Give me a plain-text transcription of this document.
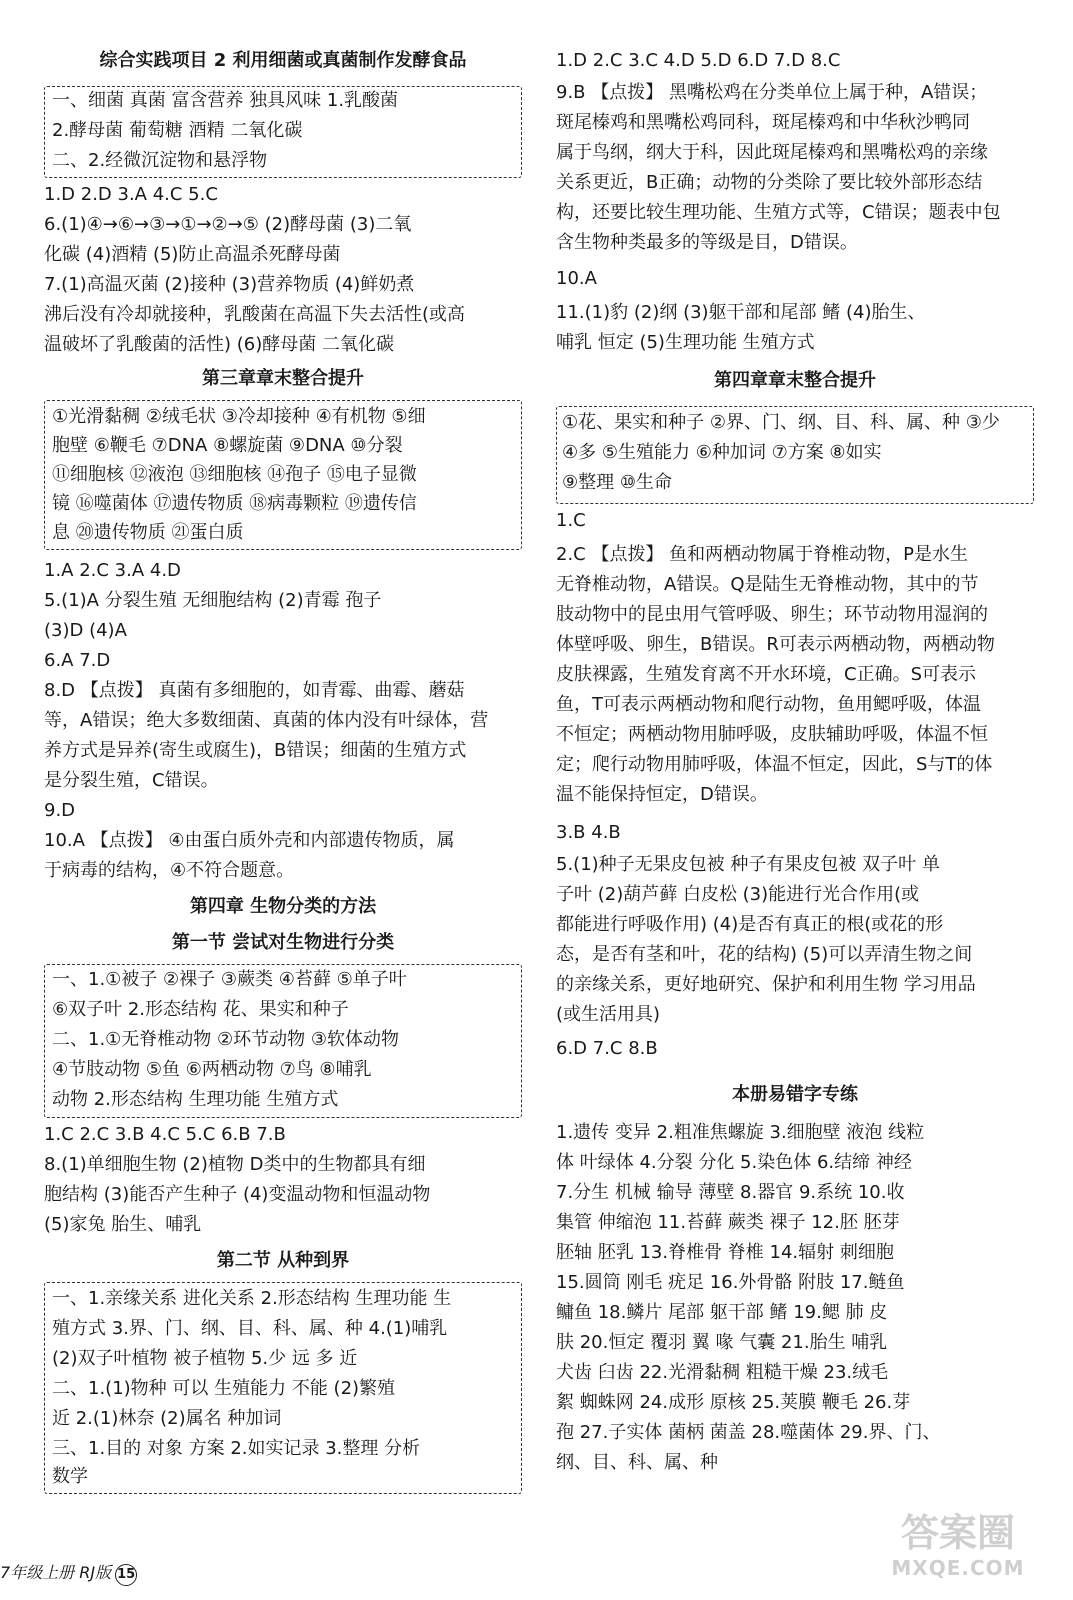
综合实践项目 2 利用细菌或真菌制作发酵食品
一、细菌 真菌 富含营养 独具风味 1.乳酸菌
2.酵母菌 葡萄糖 酒精 二氧化碳
二、2.经微沉淀物和悬浮物
1.D 2.D 3.A 4.C 5.C
6.(1)④→⑥→③→①→②→⑤ (2)酵母菌 (3)二氧
化碳 (4)酒精 (5)防止高温杀死酵母菌
7.(1)高温灭菌 (2)接种 (3)营养物质 (4)鲜奶煮
沸后没有冷却就接种，乳酸菌在高温下失去活性(或高
温破坏了乳酸菌的活性) (6)酵母菌 二氧化碳
第三章章末整合提升
①光滑黏稠 ②绒毛状 ③冷却接种 ④有机物 ⑤细
胞壁 ⑥鞭毛 ⑦DNA ⑧螺旋菌 ⑨DNA ⑩分裂
⑪细胞核 ⑫液泡 ⑬细胞核 ⑭孢子 ⑮电子显微
镜 ⑯噬菌体 ⑰遗传物质 ⑱病毒颗粒 ⑲遗传信
息 ⑳遗传物质 ㉑蛋白质
1.A 2.C 3.A 4.D
5.(1)A 分裂生殖 无细胞结构 (2)青霉 孢子
(3)D (4)A
6.A 7.D
8.D 【点拨】 真菌有多细胞的，如青霉、曲霉、蘑菇
等，A错误；绝大多数细菌、真菌的体内没有叶绿体，营
养方式是异养(寄生或腐生)，B错误；细菌的生殖方式
是分裂生殖，C错误。
9.D
10.A 【点拨】 ④由蛋白质外壳和内部遗传物质，属
于病毒的结构，④不符合题意。
第四章 生物分类的方法
第一节 尝试对生物进行分类
一、1.①被子 ②裸子 ③蕨类 ④苔藓 ⑤单子叶
⑥双子叶 2.形态结构 花、果实和种子
二、1.①无脊椎动物 ②环节动物 ③软体动物
④节肢动物 ⑤鱼 ⑥两栖动物 ⑦鸟 ⑧哺乳
动物 2.形态结构 生理功能 生殖方式
1.C 2.C 3.B 4.C 5.C 6.B 7.B
8.(1)单细胞生物 (2)植物 D类中的生物都具有细
胞结构 (3)能否产生种子 (4)变温动物和恒温动物
(5)家兔 胎生、哺乳
第二节 从种到界
一、1.亲缘关系 进化关系 2.形态结构 生理功能 生
殖方式 3.界、门、纲、目、科、属、种 4.(1)哺乳
(2)双子叶植物 被子植物 5.少 远 多 近
二、1.(1)物种 可以 生殖能力 不能 (2)繁殖
近 2.(1)林奈 (2)属名 种加词
三、1.目的 对象 方案 2.如实记录 3.整理 分析
数学
1.D 2.C 3.C 4.D 5.D 6.D 7.D 8.C
9.B 【点拨】 黑嘴松鸡在分类单位上属于种，A错误；
斑尾榛鸡和黑嘴松鸡同科，斑尾榛鸡和中华秋沙鸭同
属于鸟纲，纲大于科，因此斑尾榛鸡和黑嘴松鸡的亲缘
关系更近，B正确；动物的分类除了要比较外部形态结
构，还要比较生理功能、生殖方式等，C错误；题表中包
含生物种类最多的等级是目，D错误。
10.A
11.(1)豹 (2)纲 (3)躯干部和尾部 鳍 (4)胎生、
哺乳 恒定 (5)生理功能 生殖方式
第四章章末整合提升
①花、果实和种子 ②界、门、纲、目、科、属、种 ③少
④多 ⑤生殖能力 ⑥种加词 ⑦方案 ⑧如实
⑨整理 ⑩生命
1.C
2.C 【点拨】 鱼和两栖动物属于脊椎动物，P是水生
无脊椎动物，A错误。Q是陆生无脊椎动物，其中的节
肢动物中的昆虫用气管呼吸、卵生；环节动物用湿润的
体壁呼吸、卵生，B错误。R可表示两栖动物，两栖动物
皮肤裸露，生殖发育离不开水环境，C正确。S可表示
鱼，T可表示两栖动物和爬行动物，鱼用鳃呼吸，体温
不恒定；两栖动物用肺呼吸，皮肤辅助呼吸，体温不恒
定；爬行动物用肺呼吸，体温不恒定，因此，S与T的体
温不能保持恒定，D错误。
3.B 4.B
5.(1)种子无果皮包被 种子有果皮包被 双子叶 单
子叶 (2)葫芦藓 白皮松 (3)能进行光合作用(或
都能进行呼吸作用) (4)是否有真正的根(或花的形
态，是否有茎和叶，花的结构) (5)可以弄清生物之间
的亲缘关系，更好地研究、保护和利用生物 学习用品
(或生活用具)
6.D 7.C 8.B
本册易错字专练
1.遗传 变异 2.粗准焦螺旋 3.细胞壁 液泡 线粒
体 叶绿体 4.分裂 分化 5.染色体 6.结缔 神经
7.分生 机械 输导 薄壁 8.器官 9.系统 10.收
集管 伸缩泡 11.苔藓 蕨类 裸子 12.胚 胚芽
胚轴 胚乳 13.脊椎骨 脊椎 14.辐射 刺细胞
15.圆筒 刚毛 疣足 16.外骨骼 附肢 17.鲢鱼
鳙鱼 18.鳞片 尾部 躯干部 鳍 19.鳃 肺 皮
肤 20.恒定 覆羽 翼 喙 气囊 21.胎生 哺乳
犬齿 臼齿 22.光滑黏稠 粗糙干燥 23.绒毛
絮 蜘蛛网 24.成形 原核 25.荚膜 鞭毛 26.芽
孢 27.子实体 菌柄 菌盖 28.噬菌体 29.界、门、
纲、目、科、属、种
7年级上册 RJ版 15
答案圈
MXQE.COM
